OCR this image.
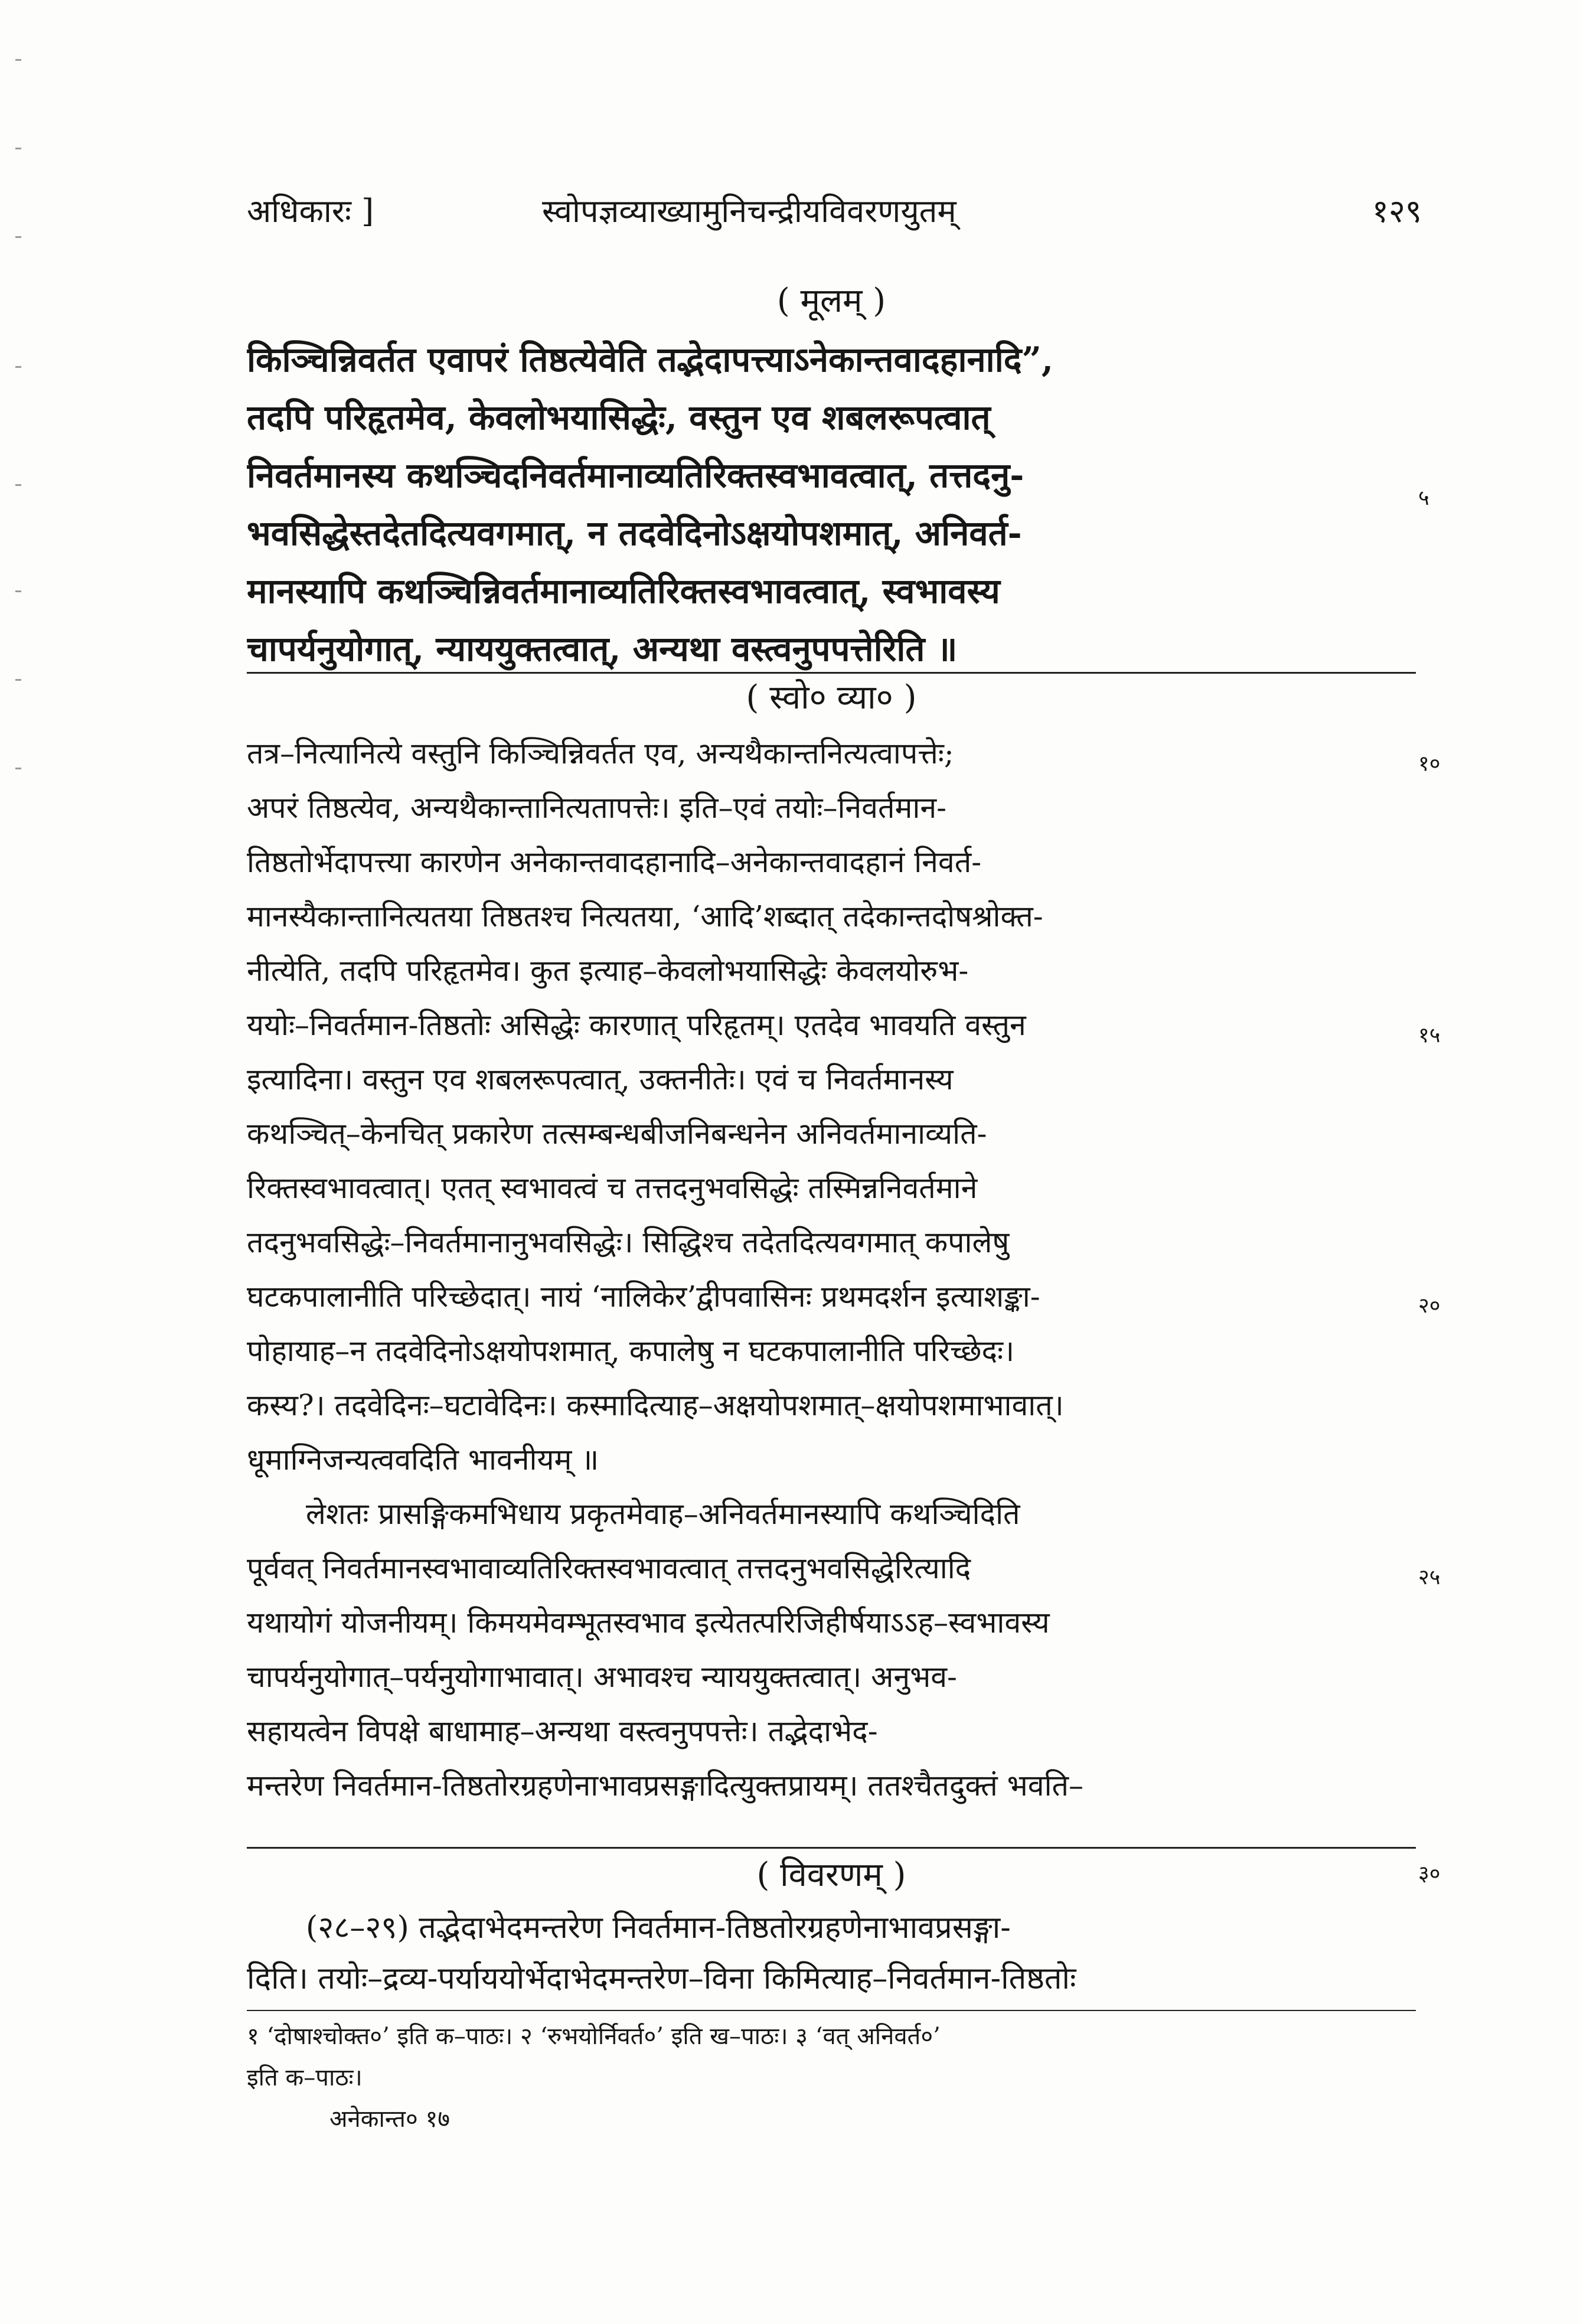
अधिकारः ]	स्वोपज्ञव्याख्यामुनिचन्द्रीयविवरणयुतम्	१२९
( मूलम् )
किञ्चिन्निवर्तत एवापरं तिष्ठत्येवेति तद्भेदापत्त्याऽनेकान्तवादहानादि”,
तदपि परिहृतमेव, केवलोभयासिद्धेः, वस्तुन एव शबलरूपत्वात्
निवर्तमानस्य कथञ्चिदनिवर्तमानाव्यतिरिक्तस्वभावत्वात्, तत्तदनु-
भवसिद्धेस्तदेतदित्यवगमात्, न तदवेदिनोऽक्षयोपशमात्, अनिवर्त-
मानस्यापि कथञ्चिन्निवर्तमानाव्यतिरिक्तस्वभावत्वात्, स्वभावस्य
चापर्यनुयोगात्, न्याययुक्तत्वात्, अन्यथा वस्त्वनुपपत्तेरिति ॥
( स्वो० व्या० )
तत्र–नित्यानित्ये वस्तुनि किञ्चिन्निवर्तत एव, अन्यथैकान्तनित्यत्वापत्तेः;
अपरं तिष्ठत्येव, अन्यथैकान्तानित्यतापत्तेः। इति–एवं तयोः–निवर्तमान-
तिष्ठतोर्भेदापत्त्या कारणेन अनेकान्तवादहानादि–अनेकान्तवादहानं निवर्त-
मानस्यैकान्तानित्यतया तिष्ठतश्च नित्यतया, ‘आदि’शब्दात् तदेकान्तदोषश्रोक्त-
नीत्येति, तदपि परिहृतमेव। कुत इत्याह–केवलोभयासिद्धेः केवलयोरुभ-
ययोः–निवर्तमान-तिष्ठतोः असिद्धेः कारणात् परिहृतम्। एतदेव भावयति वस्तुन
इत्यादिना। वस्तुन एव शबलरूपत्वात्, उक्तनीतेः। एवं च निवर्तमानस्य
कथञ्चित्–केनचित् प्रकारेण तत्सम्बन्धबीजनिबन्धनेन अनिवर्तमानाव्यति-
रिक्तस्वभावत्वात्। एतत् स्वभावत्वं च तत्तदनुभवसिद्धेः तस्मिन्ननिवर्तमाने
तदनुभवसिद्धेः–निवर्तमानानुभवसिद्धेः। सिद्धिश्च तदेतदित्यवगमात् कपालेषु
घटकपालानीति परिच्छेदात्। नायं ‘नालिकेर’द्वीपवासिनः प्रथमदर्शन इत्याशङ्का-
पोहायाह–न तदवेदिनोऽक्षयोपशमात्, कपालेषु न घटकपालानीति परिच्छेदः।
कस्य?। तदवेदिनः–घटावेदिनः। कस्मादित्याह–अक्षयोपशमात्–क्षयोपशमाभावात्।
धूमाग्निजन्यत्ववदिति भावनीयम् ॥
लेशतः प्रासङ्गिकमभिधाय प्रकृतमेवाह–अनिवर्तमानस्यापि कथञ्चिदिति
पूर्ववत् निवर्तमानस्वभावाव्यतिरिक्तस्वभावत्वात् तत्तदनुभवसिद्धेरित्यादि
यथायोगं योजनीयम्। किमयमेवम्भूतस्वभाव इत्येतत्परिजिहीर्षयाऽऽह–स्वभावस्य
चापर्यनुयोगात्–पर्यनुयोगाभावात्। अभावश्च न्याययुक्तत्वात्। अनुभव-
सहायत्वेन विपक्षे बाधामाह–अन्यथा वस्त्वनुपपत्तेः। तद्भेदाभेद-
मन्तरेण निवर्तमान-तिष्ठतोरग्रहणेनाभावप्रसङ्गादित्युक्तप्रायम्। ततश्चैतदुक्तं भवति–
( विवरणम् )
(२८–२९) तद्भेदाभेदमन्तरेण निवर्तमान-तिष्ठतोरग्रहणेनाभावप्रसङ्गा-
दिति। तयोः–द्रव्य-पर्याययोर्भेदाभेदमन्तरेण–विना किमित्याह–निवर्तमान-तिष्ठतोः
१ ‘दोषाश्चोक्त०’ इति क–पाठः। २ ‘रुभयोर्निवर्त०’ इति ख–पाठः। ३ ‘वत् अनिवर्त०’
इति क–पाठः।
अनेकान्त० १७
५
१०
१५
२०
२५
३०
